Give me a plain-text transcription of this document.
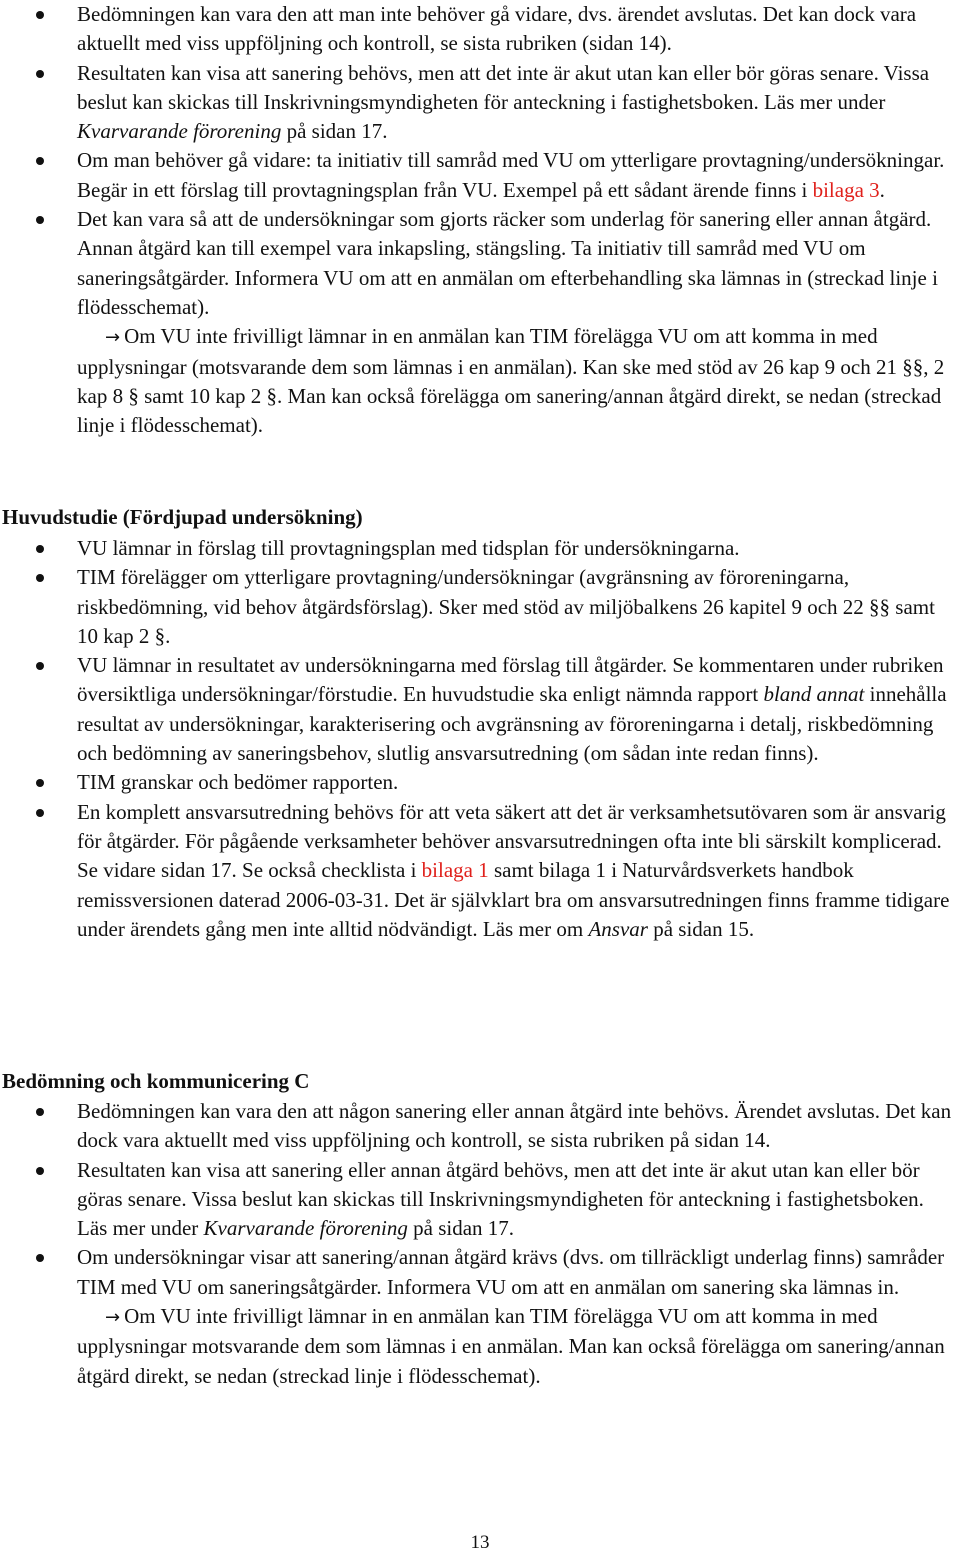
Bedömningen kan vara den att man inte behöver gå vidare, dvs. ärendet avslutas. Det kan dock vara aktuellt med viss uppföljning och kontroll, se sista rubriken (sidan 14).
Resultaten kan visa att sanering behövs, men att det inte är akut utan kan eller bör göras senare. Vissa beslut kan skickas till Inskrivningsmyndigheten för anteckning i fastighetsboken. Läs mer under Kvarvarande förorening på sidan 17.
Om man behöver gå vidare: ta initiativ till samråd med VU om ytterligare provtagning/undersökningar. Begär in ett förslag till provtagningsplan från VU. Exempel på ett sådant ärende finns i bilaga 3.
Det kan vara så att de undersökningar som gjorts räcker som underlag för sanering eller annan åtgärd. Annan åtgärd kan till exempel vara inkapsling, stängsling. Ta initiativ till samråd med VU om saneringsåtgärder. Informera VU om att en anmälan om efterbehandling ska lämnas in (streckad linje i flödesschemat).
→ Om VU inte frivilligt lämnar in en anmälan kan TIM förelägga VU om att komma in med upplysningar (motsvarande dem som lämnas i en anmälan). Kan ske med stöd av 26 kap 9 och 21 §§, 2 kap 8 § samt 10 kap 2 §. Man kan också förelägga om sanering/annan åtgärd direkt, se nedan (streckad linje i flödesschemat).
Huvudstudie (Fördjupad undersökning)
VU lämnar in förslag till provtagningsplan med tidsplan för undersökningarna.
TIM förelägger om ytterligare provtagning/undersökningar (avgränsning av föroreningarna, riskbedömning, vid behov åtgärdsförslag). Sker med stöd av miljöbalkens 26 kapitel 9 och 22 §§ samt 10 kap 2 §.
VU lämnar in resultatet av undersökningarna med förslag till åtgärder. Se kommentaren under rubriken översiktliga undersökningar/förstudie. En huvudstudie ska enligt nämnda rapport bland annat innehålla resultat av undersökningar, karakterisering och avgränsning av föroreningarna i detalj, riskbedömning och bedömning av saneringsbehov, slutlig ansvarsutredning (om sådan inte redan finns).
TIM granskar och bedömer rapporten.
En komplett ansvarsutredning behövs för att veta säkert att det är verksamhetsutövaren som är ansvarig för åtgärder. För pågående verksamheter behöver ansvarsutredningen ofta inte bli särskilt komplicerad. Se vidare sidan 17. Se också checklista i bilaga 1 samt bilaga 1 i Naturvårdsverkets handbok remissversionen daterad 2006-03-31. Det är självklart bra om ansvarsutredningen finns framme tidigare under ärendets gång men inte alltid nödvändigt. Läs mer om Ansvar på sidan 15.
Bedömning och kommunicering C
Bedömningen kan vara den att någon sanering eller annan åtgärd inte behövs. Ärendet avslutas. Det kan dock vara aktuellt med viss uppföljning och kontroll, se sista rubriken på sidan 14.
Resultaten kan visa att sanering eller annan åtgärd behövs, men att det inte är akut utan kan eller bör göras senare. Vissa beslut kan skickas till Inskrivningsmyndigheten för anteckning i fastighetsboken. Läs mer under Kvarvarande förorening på sidan 17.
Om undersökningar visar att sanering/annan åtgärd krävs (dvs. om tillräckligt underlag finns) samråder TIM med VU om saneringsåtgärder. Informera VU om att en anmälan om sanering ska lämnas in.
→ Om VU inte frivilligt lämnar in en anmälan kan TIM förelägga VU om att komma in med upplysningar motsvarande dem som lämnas i en anmälan. Man kan också förelägga om sanering/annan åtgärd direkt, se nedan (streckad linje i flödesschemat).
13
